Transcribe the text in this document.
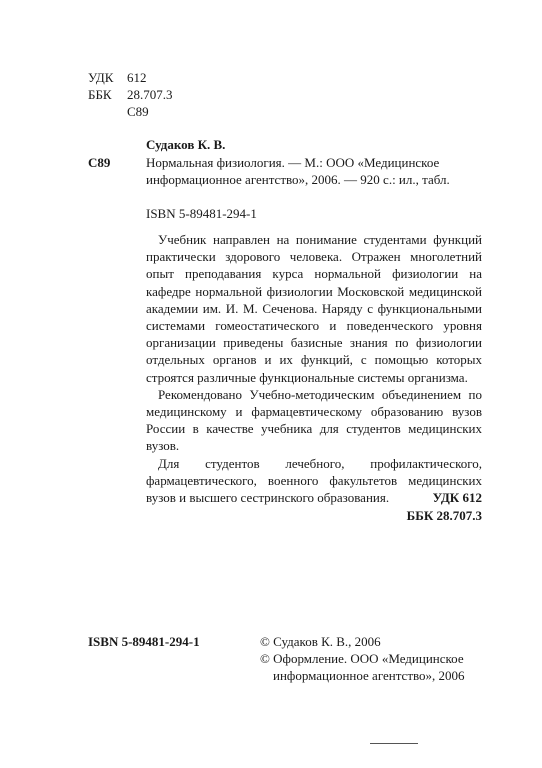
УДК 612
ББК 28.707.3
С89
Судаков К. В.
С89	Нормальная физиология. — М.: ООО «Медицинское
информационное агентство», 2006. — 920 с.: ил., табл.
ISBN 5-89481-294-1

Учебник направлен на понимание студентами функций практически здорового человека. Отражен многолетний опыт преподавания курса нормальной физиологии на кафедре нормальной физиологии Московской медицинской академии им. И. М. Сеченова. Наряду с функциональными системами гомеостатического и поведенческого уровня организации приведены базисные знания по физиологии отдельных органов и их функций, с помощью которых строятся различные функциональные системы организма.

Рекомендовано Учебно-методическим объединением по медицинскому и фармацевтическому образованию вузов России в качестве учебника для студентов медицинских вузов.

Для студентов лечебного, профилактического, фармацевтического, военного факультетов медицинских вузов и высшего сестринского образования.	УДК 612
ББК 28.707.3
ISBN 5-89481-294-1	© Судаков К. В., 2006
© Оформление. ООО «Медицинское
информационное агентство», 2006
